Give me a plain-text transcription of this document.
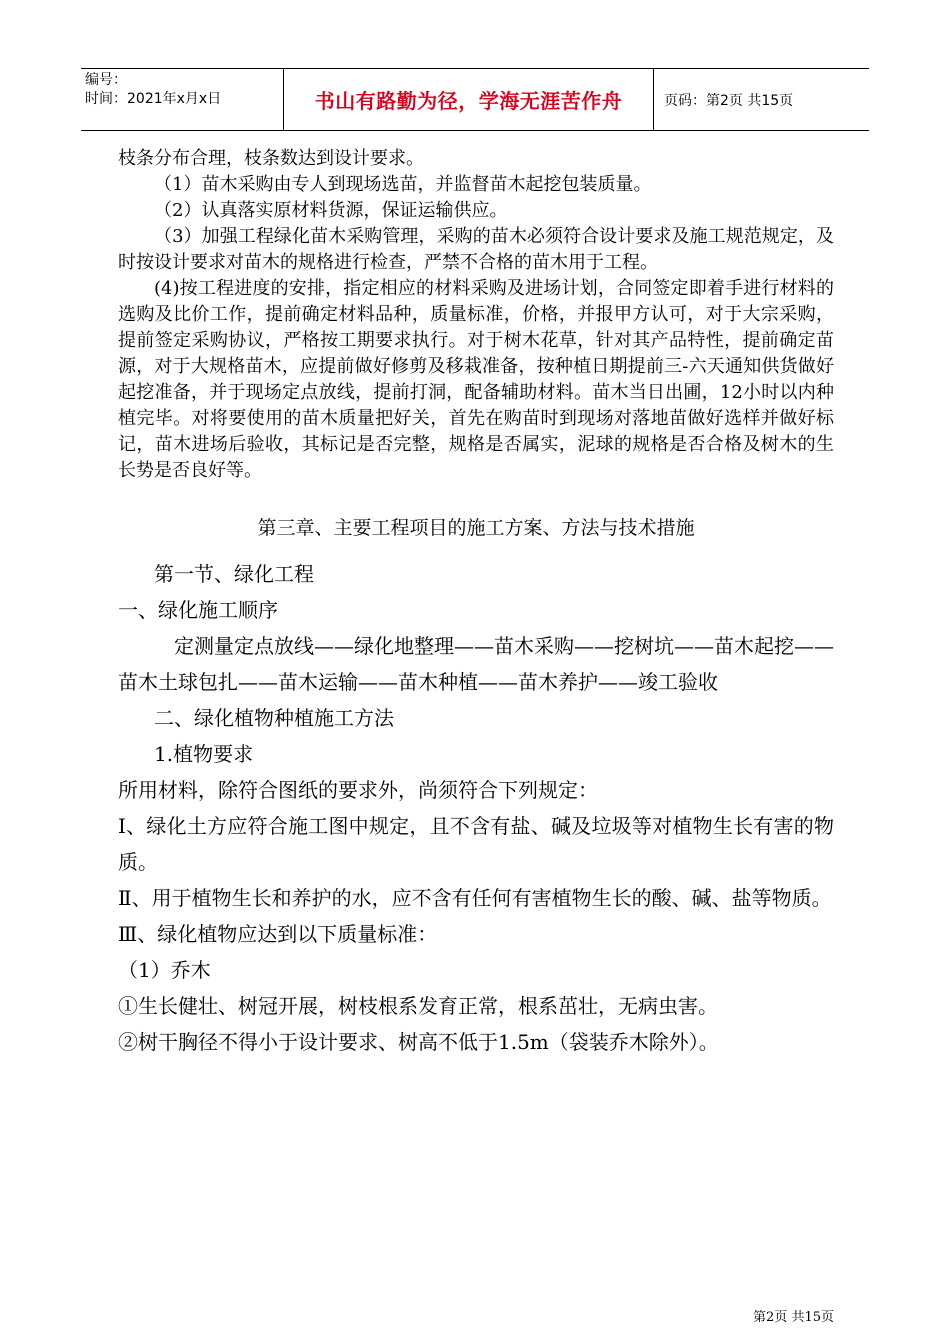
编号：
时间：2021年x月x日	书山有路勤为径，学海无涯苦作舟	页码：第2页 共15页

枝条分布合理，枝条数达到设计要求。

（1）苗木采购由专人到现场选苗，并监督苗木起挖包装质量。

（2）认真落实原材料货源，保证运输供应。

（3）加强工程绿化苗木采购管理，采购的苗木必须符合设计要求及施工规范规定，及时按设计要求对苗木的规格进行检查，严禁不合格的苗木用于工程。

(4)按工程进度的安排，指定相应的材料采购及进场计划，合同签定即着手进行材料的选购及比价工作，提前确定材料品种，质量标准，价格，并报甲方认可，对于大宗采购，提前签定采购协议，严格按工期要求执行。对于树木花草，针对其产品特性，提前确定苗源，对于大规格苗木，应提前做好修剪及移栽准备，按种植日期提前三-六天通知供货做好起挖准备，并于现场定点放线，提前打洞，配备辅助材料。苗木当日出圃，12小时以内种植完毕。对将要使用的苗木质量把好关，首先在购苗时到现场对落地苗做好选样并做好标记，苗木进场后验收，其标记是否完整，规格是否属实，泥球的规格是否合格及树木的生长势是否良好等。

第三章、主要工程项目的施工方案、方法与技术措施

第一节、绿化工程

一、绿化施工顺序

定测量定点放线——绿化地整理——苗木采购——挖树坑——苗木起挖——苗木土球包扎——苗木运输——苗木种植——苗木养护——竣工验收

二、绿化植物种植施工方法

1.植物要求

所用材料，除符合图纸的要求外，尚须符合下列规定：

Ⅰ、绿化土方应符合施工图中规定，且不含有盐、碱及垃圾等对植物生长有害的物质。

Ⅱ、用于植物生长和养护的水，应不含有任何有害植物生长的酸、碱、盐等物质。

Ⅲ、绿化植物应达到以下质量标准：

（1）乔木

①生长健壮、树冠开展，树枝根系发育正常，根系茁壮，无病虫害。

②树干胸径不得小于设计要求、树高不低于1.5m（袋装乔木除外）。

第2页 共15页
